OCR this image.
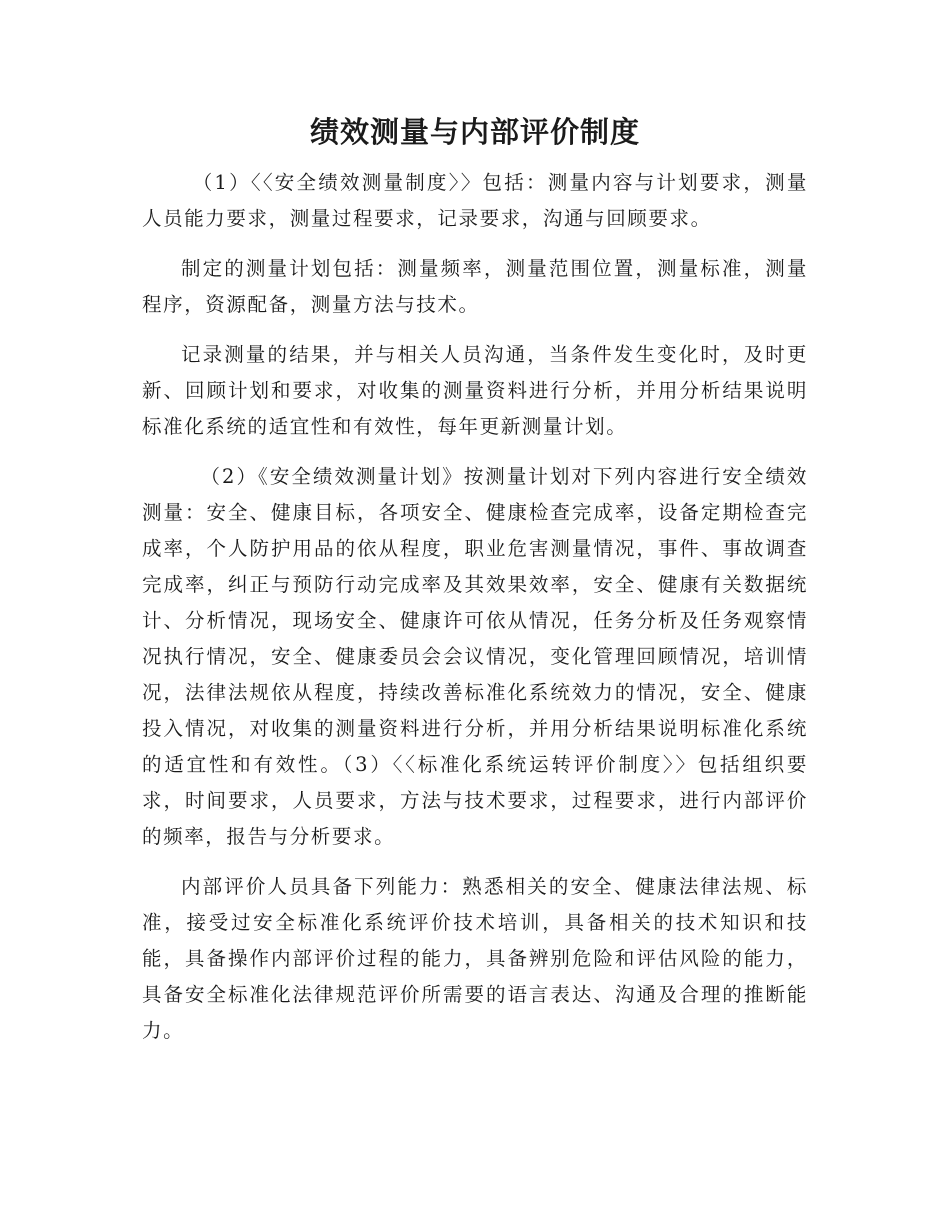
绩效测量与内部评价制度

（1）〈〈安全绩效测量制度〉〉包括：测量内容与计划要求，测量人员能力要求，测量过程要求，记录要求，沟通与回顾要求。

制定的测量计划包括：测量频率，测量范围位置，测量标准，测量程序，资源配备，测量方法与技术。

记录测量的结果，并与相关人员沟通，当条件发生变化时，及时更新、回顾计划和要求，对收集的测量资料进行分析，并用分析结果说明标准化系统的适宜性和有效性，每年更新测量计划。

（2）《安全绩效测量计划》按测量计划对下列内容进行安全绩效测量：安全、健康目标，各项安全、健康检查完成率，设备定期检查完成率，个人防护用品的依从程度，职业危害测量情况，事件、事故调查完成率，纠正与预防行动完成率及其效果效率，安全、健康有关数据统计、分析情况，现场安全、健康许可依从情况，任务分析及任务观察情况执行情况，安全、健康委员会会议情况，变化管理回顾情况，培训情况，法律法规依从程度，持续改善标准化系统效力的情况，安全、健康投入情况，对收集的测量资料进行分析，并用分析结果说明标准化系统的适宜性和有效性。（3）〈〈标准化系统运转评价制度〉〉包括组织要求，时间要求，人员要求，方法与技术要求，过程要求，进行内部评价的频率，报告与分析要求。

内部评价人员具备下列能力：熟悉相关的安全、健康法律法规、标准，接受过安全标准化系统评价技术培训，具备相关的技术知识和技能，具备操作内部评价过程的能力，具备辨别危险和评估风险的能力，具备安全标准化法律规范评价所需要的语言表达、沟通及合理的推断能力。
